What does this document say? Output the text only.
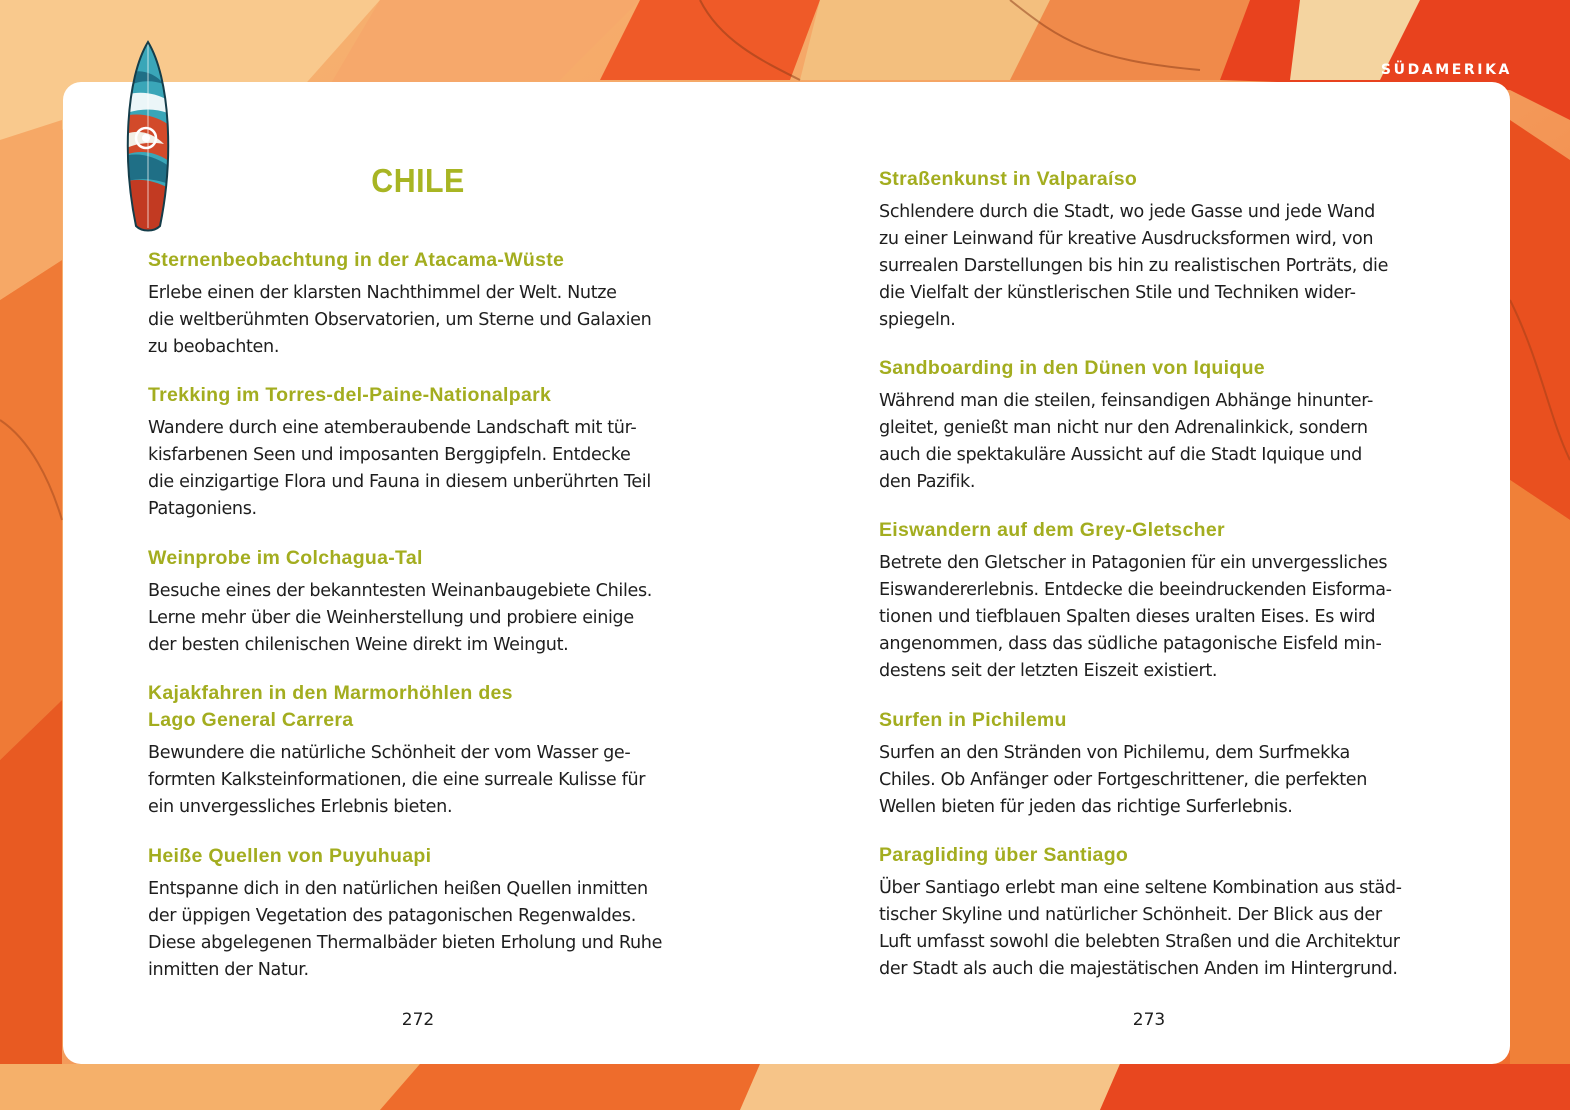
SÜDAMERIKA
CHILE
Sternenbeobachtung in der Atacama-Wüste

Erlebe einen der klarsten Nachthimmel der Welt. Nutze
die weltberühmten Observatorien, um Sterne und Galaxien
zu beobachten.

Trekking im Torres-del-Paine-Nationalpark

Wandere durch eine atemberaubende Landschaft mit tür-
kisfarbenen Seen und imposanten Berggipfeln. Entdecke
die einzigartige Flora und Fauna in diesem unberührten Teil
Patagoniens.

Weinprobe im Colchagua-Tal

Besuche eines der bekanntesten Weinanbaugebiete Chiles.
Lerne mehr über die Weinherstellung und probiere einige
der besten chilenischen Weine direkt im Weingut.

Kajakfahren in den Marmorhöhlen des
Lago General Carrera

Bewundere die natürliche Schönheit der vom Wasser ge-
formten Kalksteinformationen, die eine surreale Kulisse für
ein unvergessliches Erlebnis bieten.

Heiße Quellen von Puyuhuapi

Entspanne dich in den natürlichen heißen Quellen inmitten
der üppigen Vegetation des patagonischen Regenwaldes.
Diese abgelegenen Thermalbäder bieten Erholung und Ruhe
inmitten der Natur.

272
Straßenkunst in Valparaíso

Schlendere durch die Stadt, wo jede Gasse und jede Wand
zu einer Leinwand für kreative Ausdrucksformen wird, von
surrealen Darstellungen bis hin zu realistischen Porträts, die
die Vielfalt der künstlerischen Stile und Techniken wider-
spiegeln.

Sandboarding in den Dünen von Iquique

Während man die steilen, feinsandigen Abhänge hinunter-
gleitet, genießt man nicht nur den Adrenalinkick, sondern
auch die spektakuläre Aussicht auf die Stadt Iquique und
den Pazifik.

Eiswandern auf dem Grey-Gletscher

Betrete den Gletscher in Patagonien für ein unvergessliches
Eiswandererlebnis. Entdecke die beeindruckenden Eisforma-
tionen und tiefblauen Spalten dieses uralten Eises. Es wird
angenommen, dass das südliche patagonische Eisfeld min-
destens seit der letzten Eiszeit existiert.

Surfen in Pichilemu

Surfen an den Stränden von Pichilemu, dem Surfmekka
Chiles. Ob Anfänger oder Fortgeschrittener, die perfekten
Wellen bieten für jeden das richtige Surferlebnis.

Paragliding über Santiago

Über Santiago erlebt man eine seltene Kombination aus städ-
tischer Skyline und natürlicher Schönheit. Der Blick aus der
Luft umfasst sowohl die belebten Straßen und die Architektur
der Stadt als auch die majestätischen Anden im Hintergrund.

273
